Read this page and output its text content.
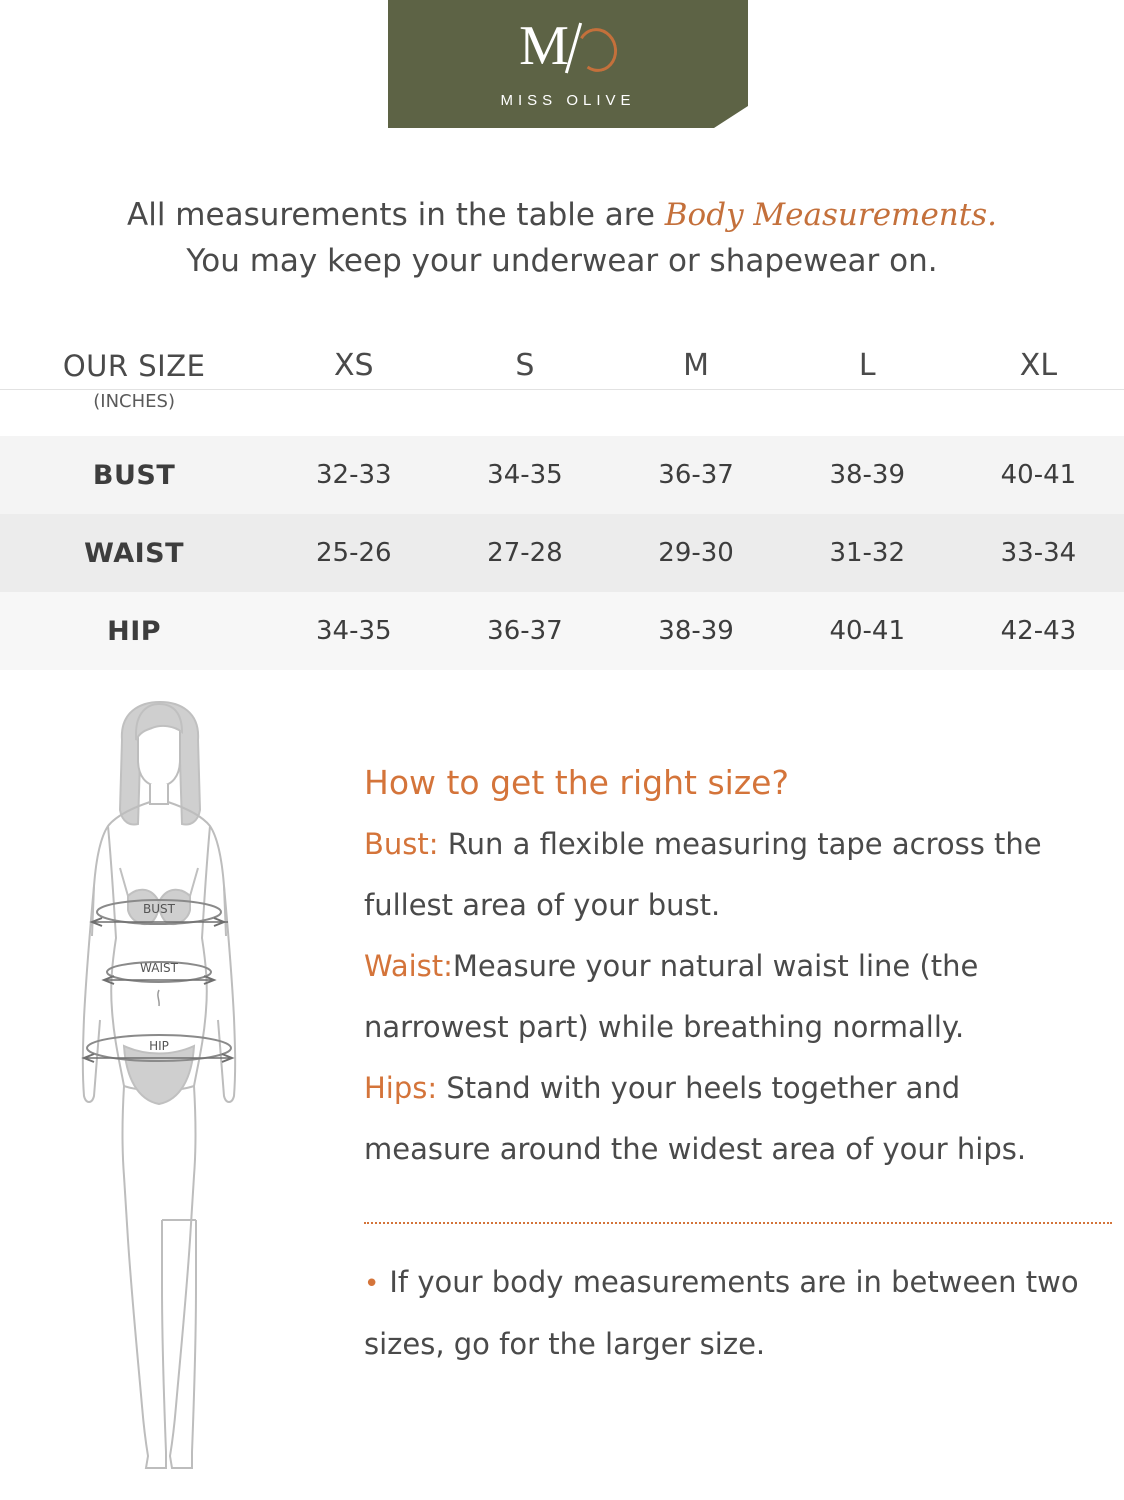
M
MISS OLIVE
All measurements in the table are Body Measurements.
You may keep your underwear or shapewear on.
OUR SIZE	XS	S	M	L	XL
(INCHES)					
BUST	32-33	34-35	36-37	38-39	40-41
WAIST	25-26	27-28	29-30	31-32	33-34
HIP	34-35	36-37	38-39	40-41	42-43
BUST
WAIST
HIP
How to get the right size?

Bust: Run a flexible measuring tape across the fullest area of your bust.

Waist:Measure your natural waist line (the narrowest part) while breathing normally.

Hips: Stand with your heels together and measure around the widest area of your hips.

• If your body measurements are in between two sizes, go for the larger size.
